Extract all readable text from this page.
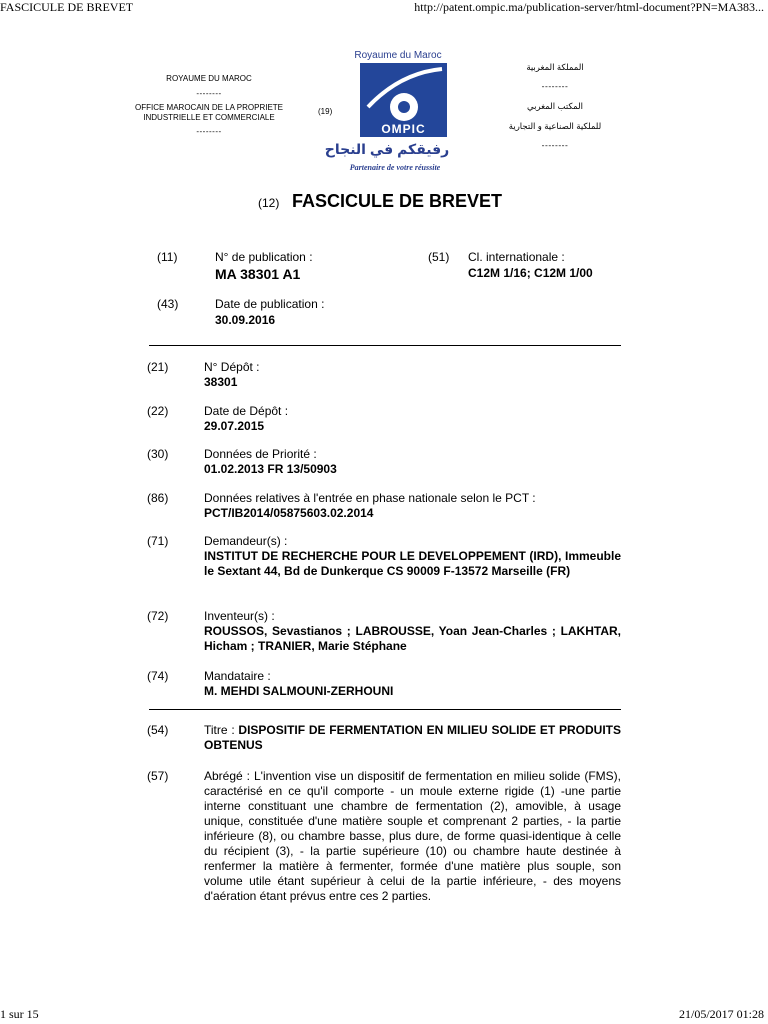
FASCICULE DE BREVET	http://patent.ompic.ma/publication-server/html-document?PN=MA383...
1 sur 15	21/05/2017 01:28
ROYAUME DU MAROC
--------
OFFICE MAROCAIN DE LA PROPRIETE
INDUSTRIELLE ET COMMERCIALE
--------
(19)
Royaume du Maroc
OMPIC
رفيقكم في النجاح
Partenaire de votre réussite
المملكة المغربية
--------
المكتب المغربي
للملكية الصناعية و التجارية
--------
(12) FASCICULE DE BREVET
(11)	N° de publication :
MA 38301 A1
(51)	Cl. internationale :
C12M 1/16; C12M 1/00
(43)	Date de publication :
30.09.2016
(21)	N° Dépôt :
38301
(22)	Date de Dépôt :
29.07.2015
(30)	Données de Priorité :
01.02.2013 FR 13/50903
(86)	Données relatives à l'entrée en phase nationale selon le PCT :
PCT/IB2014/05875603.02.2014
(71)	Demandeur(s) :
INSTITUT DE RECHERCHE POUR LE DEVELOPPEMENT (IRD), Immeuble le Sextant 44, Bd de Dunkerque CS 90009 F-13572 Marseille (FR)
(72)	Inventeur(s) :
ROUSSOS, Sevastianos ; LABROUSSE, Yoan Jean-Charles ; LAKHTAR, Hicham ; TRANIER, Marie Stéphane
(74)	Mandataire :
M. MEHDI SALMOUNI-ZERHOUNI
(54)	Titre : DISPOSITIF DE FERMENTATION EN MILIEU SOLIDE ET PRODUITS OBTENUS
(57)	Abrégé : L'invention vise un dispositif de fermentation en milieu solide (FMS), caractérisé en ce qu'il comporte - un moule externe rigide (1) -une partie interne constituant une chambre de fermentation (2), amovible, à usage unique, constituée d'une matière souple et comprenant 2 parties, - la partie inférieure (8), ou chambre basse, plus dure, de forme quasi-identique à celle du récipient (3), - la partie supérieure (10) ou chambre haute destinée à renfermer la matière à fermenter, formée d'une matière plus souple, son volume utile étant supérieur à celui de la partie inférieure, - des moyens d'aération étant prévus entre ces 2 parties.
